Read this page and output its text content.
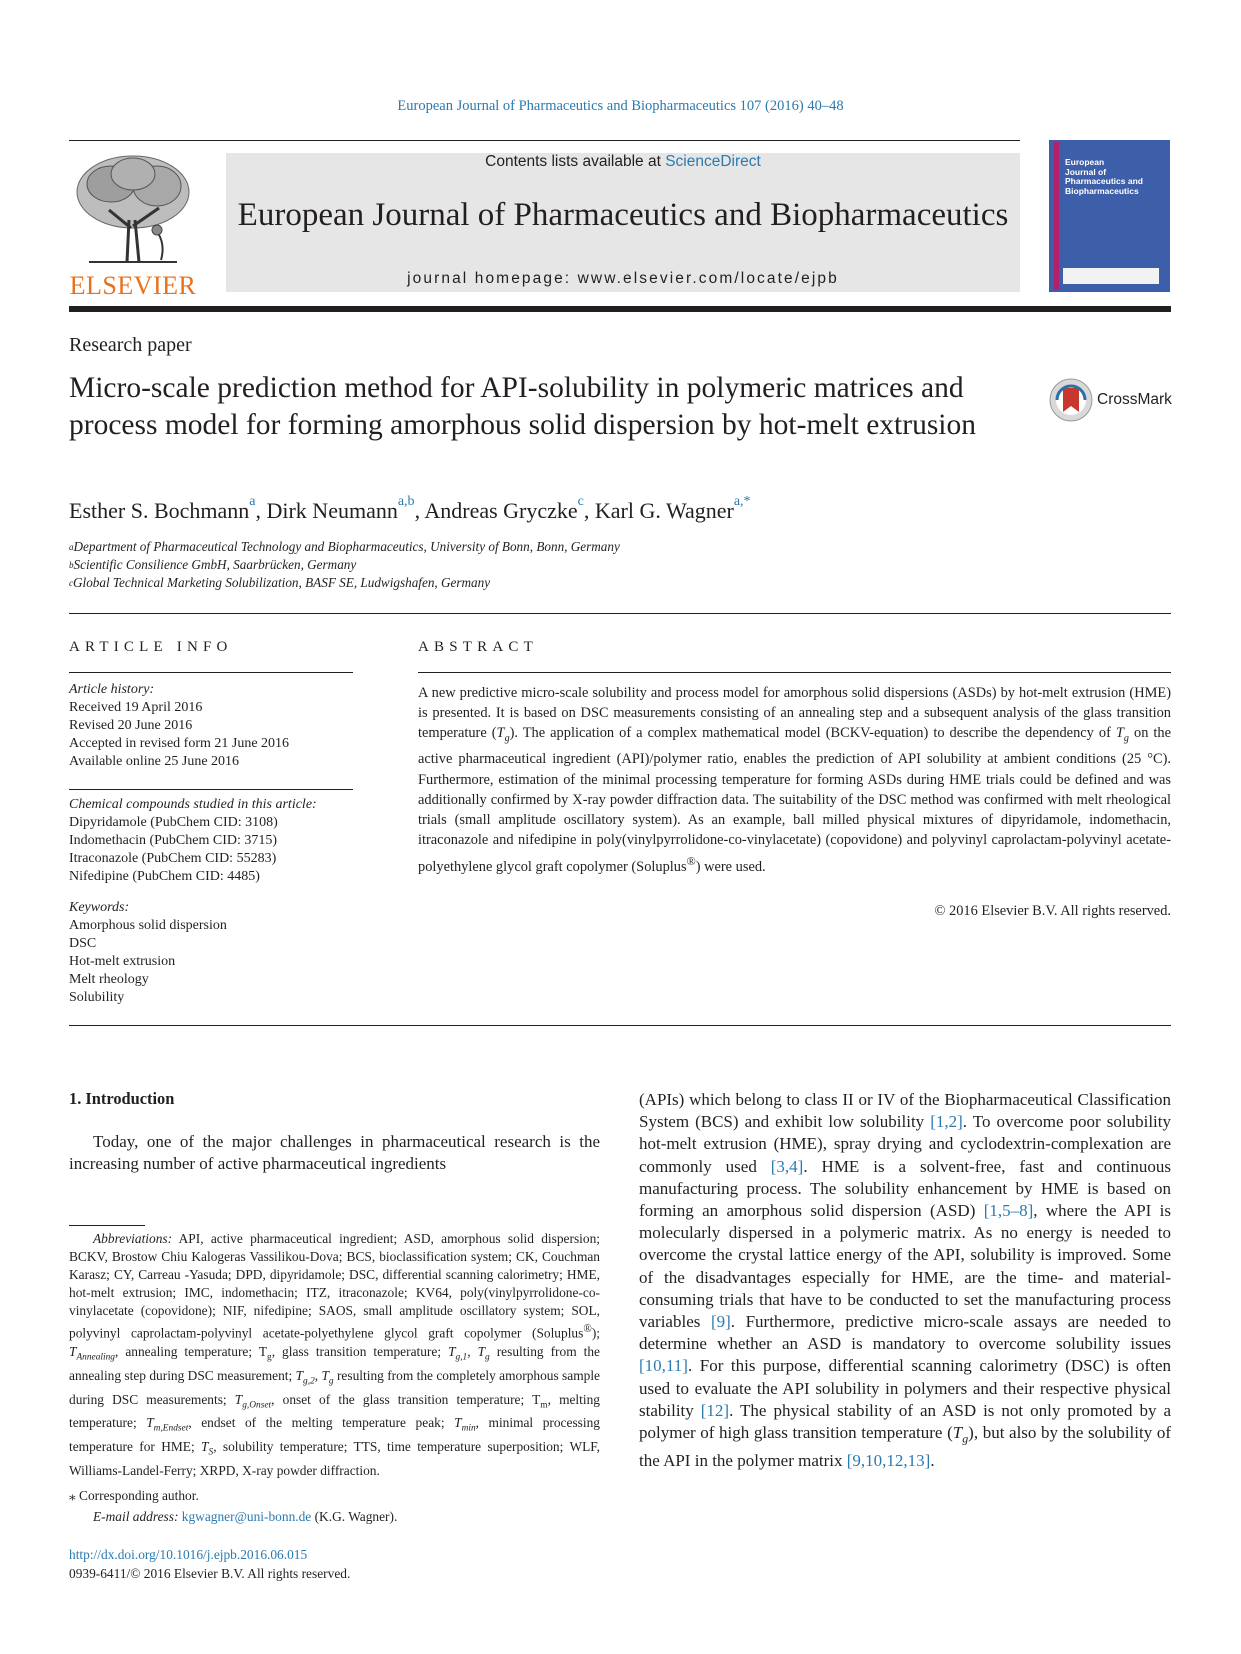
European Journal of Pharmaceutics and Biopharmaceutics 107 (2016) 40–48
ELSEVIER
Contents lists available at ScienceDirect
European Journal of Pharmaceutics and Biopharmaceutics
journal homepage: www.elsevier.com/locate/ejpb
European
Journal of
Pharmaceutics and
Biopharmaceutics
Research paper
Micro-scale prediction method for API-solubility in polymeric matrices and process model for forming amorphous solid dispersion by hot-melt extrusion
CrossMark
Esther S. Bochmann$^a$, Dirk Neumann$^{a,b}$, Andreas Gryczke$^c$, Karl G. Wagner$^{a,*}$
$^a$Department of Pharmaceutical Technology and Biopharmaceutics, University of Bonn, Bonn, Germany
$^b$Scientific Consilience GmbH, Saarbrücken, Germany
$^c$Global Technical Marketing Solubilization, BASF SE, Ludwigshafen, Germany
ARTICLE INFO
Article history:
Received 19 April 2016
Revised 20 June 2016
Accepted in revised form 21 June 2016
Available online 25 June 2016
Chemical compounds studied in this article:
Dipyridamole (PubChem CID: 3108)
Indomethacin (PubChem CID: 3715)
Itraconazole (PubChem CID: 55283)
Nifedipine (PubChem CID: 4485)
Keywords:
Amorphous solid dispersion
DSC
Hot-melt extrusion
Melt rheology
Solubility
ABSTRACT
A new predictive micro-scale solubility and process model for amorphous solid dispersions (ASDs) by hot-melt extrusion (HME) is presented. It is based on DSC measurements consisting of an annealing step and a subsequent analysis of the glass transition temperature $(T_g)$. The application of a complex mathematical model (BCKV-equation) to describe the dependency of $T_g$ on the active pharmaceutical ingredient (API)/polymer ratio, enables the prediction of API solubility at ambient conditions (25 °C). Furthermore, estimation of the minimal processing temperature for forming ASDs during HME trials could be defined and was additionally confirmed by X-ray powder diffraction data. The suitability of the DSC method was confirmed with melt rheological trials (small amplitude oscillatory system). As an example, ball milled physical mixtures of dipyridamole, indomethacin, itraconazole and nifedipine in poly(vinylpyrrolidone-co-vinylacetate) (copovidone) and polyvinyl caprolactam-polyvinyl acetate-polyethylene glycol graft copolymer (Soluplus®) were used.
© 2016 Elsevier B.V. All rights reserved.
1. Introduction
Today, one of the major challenges in pharmaceutical research is the increasing number of active pharmaceutical ingredients
(APIs) which belong to class II or IV of the Biopharmaceutical Classification System (BCS) and exhibit low solubility [1,2]. To overcome poor solubility hot-melt extrusion (HME), spray drying and cyclodextrin-complexation are commonly used [3,4]. HME is a solvent-free, fast and continuous manufacturing process. The solubility enhancement by HME is based on forming an amorphous solid dispersion (ASD) [1,5–8], where the API is molecularly dispersed in a polymeric matrix. As no energy is needed to overcome the crystal lattice energy of the API, solubility is improved. Some of the disadvantages especially for HME, are the time- and material-consuming trials that have to be conducted to set the manufacturing process variables [9]. Furthermore, predictive micro-scale assays are needed to determine whether an ASD is mandatory to overcome solubility issues [10,11]. For this purpose, differential scanning calorimetry (DSC) is often used to evaluate the API solubility in polymers and their respective physical stability [12]. The physical stability of an ASD is not only promoted by a polymer of high glass transition temperature $(T_g)$, but also by the solubility of the API in the polymer matrix [9,10,12,13].
Abbreviations: API, active pharmaceutical ingredient; ASD, amorphous solid dispersion; BCKV, Brostow Chiu Kalogeras Vassilikou-Dova; BCS, bioclassification system; CK, Couchman Karasz; CY, Carreau -Yasuda; DPD, dipyridamole; DSC, differential scanning calorimetry; HME, hot-melt extrusion; IMC, indomethacin; ITZ, itraconazole; KV64, poly(vinylpyrrolidone-co-vinylacetate (copovidone); NIF, nifedipine; SAOS, small amplitude oscillatory system; SOL, polyvinyl caprolactam-polyvinyl acetate-polyethylene glycol graft copolymer (Soluplus®); $T_{Annealing}$, annealing temperature; $T_g$, glass transition temperature; $T_{g,1}$, $T_g$ resulting from the annealing step during DSC measurement; $T_{g,2}$, $T_g$ resulting from the completely amorphous sample during DSC measurements; $T_{g,Onset}$, onset of the glass transition temperature; $T_m$, melting temperature; $T_{m,Endset}$, endset of the melting temperature peak; $T_{min}$, minimal processing temperature for HME; $T_S$, solubility temperature; TTS, time temperature superposition; WLF, Williams-Landel-Ferry; XRPD, X-ray powder diffraction.
⁎ Corresponding author.
E-mail address: kgwagner@uni-bonn.de (K.G. Wagner).
http://dx.doi.org/10.1016/j.ejpb.2016.06.015
0939-6411/© 2016 Elsevier B.V. All rights reserved.
